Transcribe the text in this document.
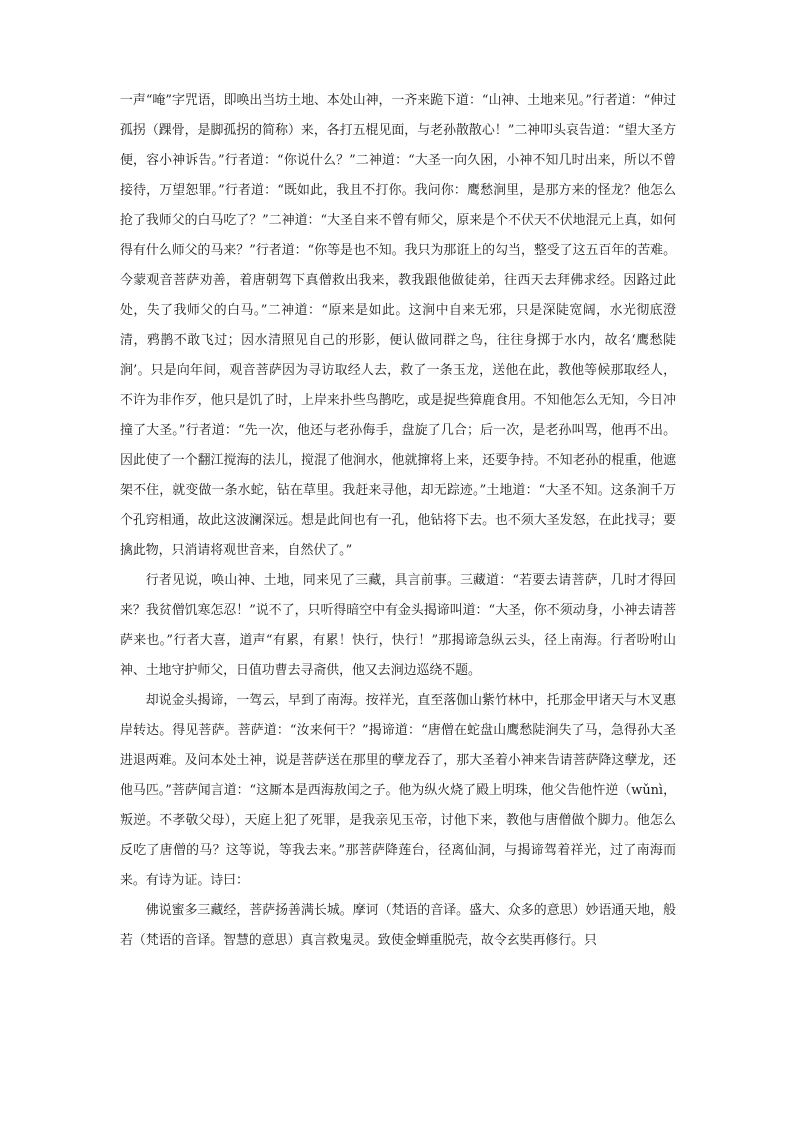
一声“唵”字咒语，即唤出当坊土地、本处山神，一齐来跪下道：“山神、土地来见。”行者道：“伸过孤拐（踝骨，是脚孤拐的简称）来，各打五棍见面，与老孙散散心！”二神叩头哀告道：“望大圣方便，容小神诉告。”行者道：“你说什么？”二神道：“大圣一向久困，小神不知几时出来，所以不曾接待，万望恕罪。”行者道：“既如此，我且不打你。我问你：鹰愁涧里，是那方来的怪龙？他怎么抢了我师父的白马吃了？”二神道：“大圣自来不曾有师父，原来是个不伏天不伏地混元上真，如何得有什么师父的马来？”行者道：“你等是也不知。我只为那诳上的勾当，整受了这五百年的苦难。今蒙观音菩萨劝善，着唐朝驾下真僧救出我来，教我跟他做徒弟，往西天去拜佛求经。因路过此处，失了我师父的白马。”二神道：“原来是如此。这涧中自来无邪，只是深陡宽阔，水光彻底澄清，鸦鹊不敢飞过；因水清照见自己的形影，便认做同群之鸟，往往身掷于水内，故名‘鹰愁陡涧’。只是向年间，观音菩萨因为寻访取经人去，救了一条玉龙，送他在此，教他等候那取经人，不许为非作歹，他只是饥了时，上岸来扑些鸟鹊吃，或是捉些獐鹿食用。不知他怎么无知，今日冲撞了大圣。”行者道：“先一次，他还与老孙侮手，盘旋了几合；后一次，是老孙叫骂，他再不出。因此使了一个翻江搅海的法儿，搅混了他涧水，他就撺将上来，还要争持。不知老孙的棍重，他遮架不住，就变做一条水蛇，钻在草里。我赶来寻他，却无踪迹。”土地道：“大圣不知。这条涧千万个孔窍相通，故此这波澜深远。想是此间也有一孔，他钻将下去。也不须大圣发怒，在此找寻；要擒此物，只消请将观世音来，自然伏了。”

行者见说，唤山神、土地，同来见了三藏，具言前事。三藏道：“若要去请菩萨，几时才得回来？我贫僧饥寒怎忍！”说不了，只听得暗空中有金头揭谛叫道：“大圣，你不须动身，小神去请菩萨来也。”行者大喜，道声“有累，有累！快行，快行！”那揭谛急纵云头，径上南海。行者吩咐山神、土地守护师父，日值功曹去寻斋供，他又去涧边巡绕不题。

却说金头揭谛，一驾云，早到了南海。按祥光，直至落伽山紫竹林中，托那金甲诸天与木叉惠岸转达。得见菩萨。菩萨道：“汝来何干？”揭谛道：“唐僧在蛇盘山鹰愁陡涧失了马，急得孙大圣进退两难。及问本处土神，说是菩萨送在那里的孽龙吞了，那大圣着小神来告请菩萨降这孽龙，还他马匹。”菩萨闻言道：“这厮本是西海敖闰之子。他为纵火烧了殿上明珠，他父告他忤逆（wǔnì，叛逆。不孝敬父母），天庭上犯了死罪，是我亲见玉帝，讨他下来，教他与唐僧做个脚力。他怎么反吃了唐僧的马？这等说，等我去来。”那菩萨降莲台，径离仙洞，与揭谛驾着祥光，过了南海而来。有诗为证。诗曰：

佛说蜜多三藏经，菩萨扬善满长城。摩诃（梵语的音译。盛大、众多的意思）妙语通天地，般若（梵语的音译。智慧的意思）真言救鬼灵。致使金蝉重脱壳，故令玄奘再修行。只
